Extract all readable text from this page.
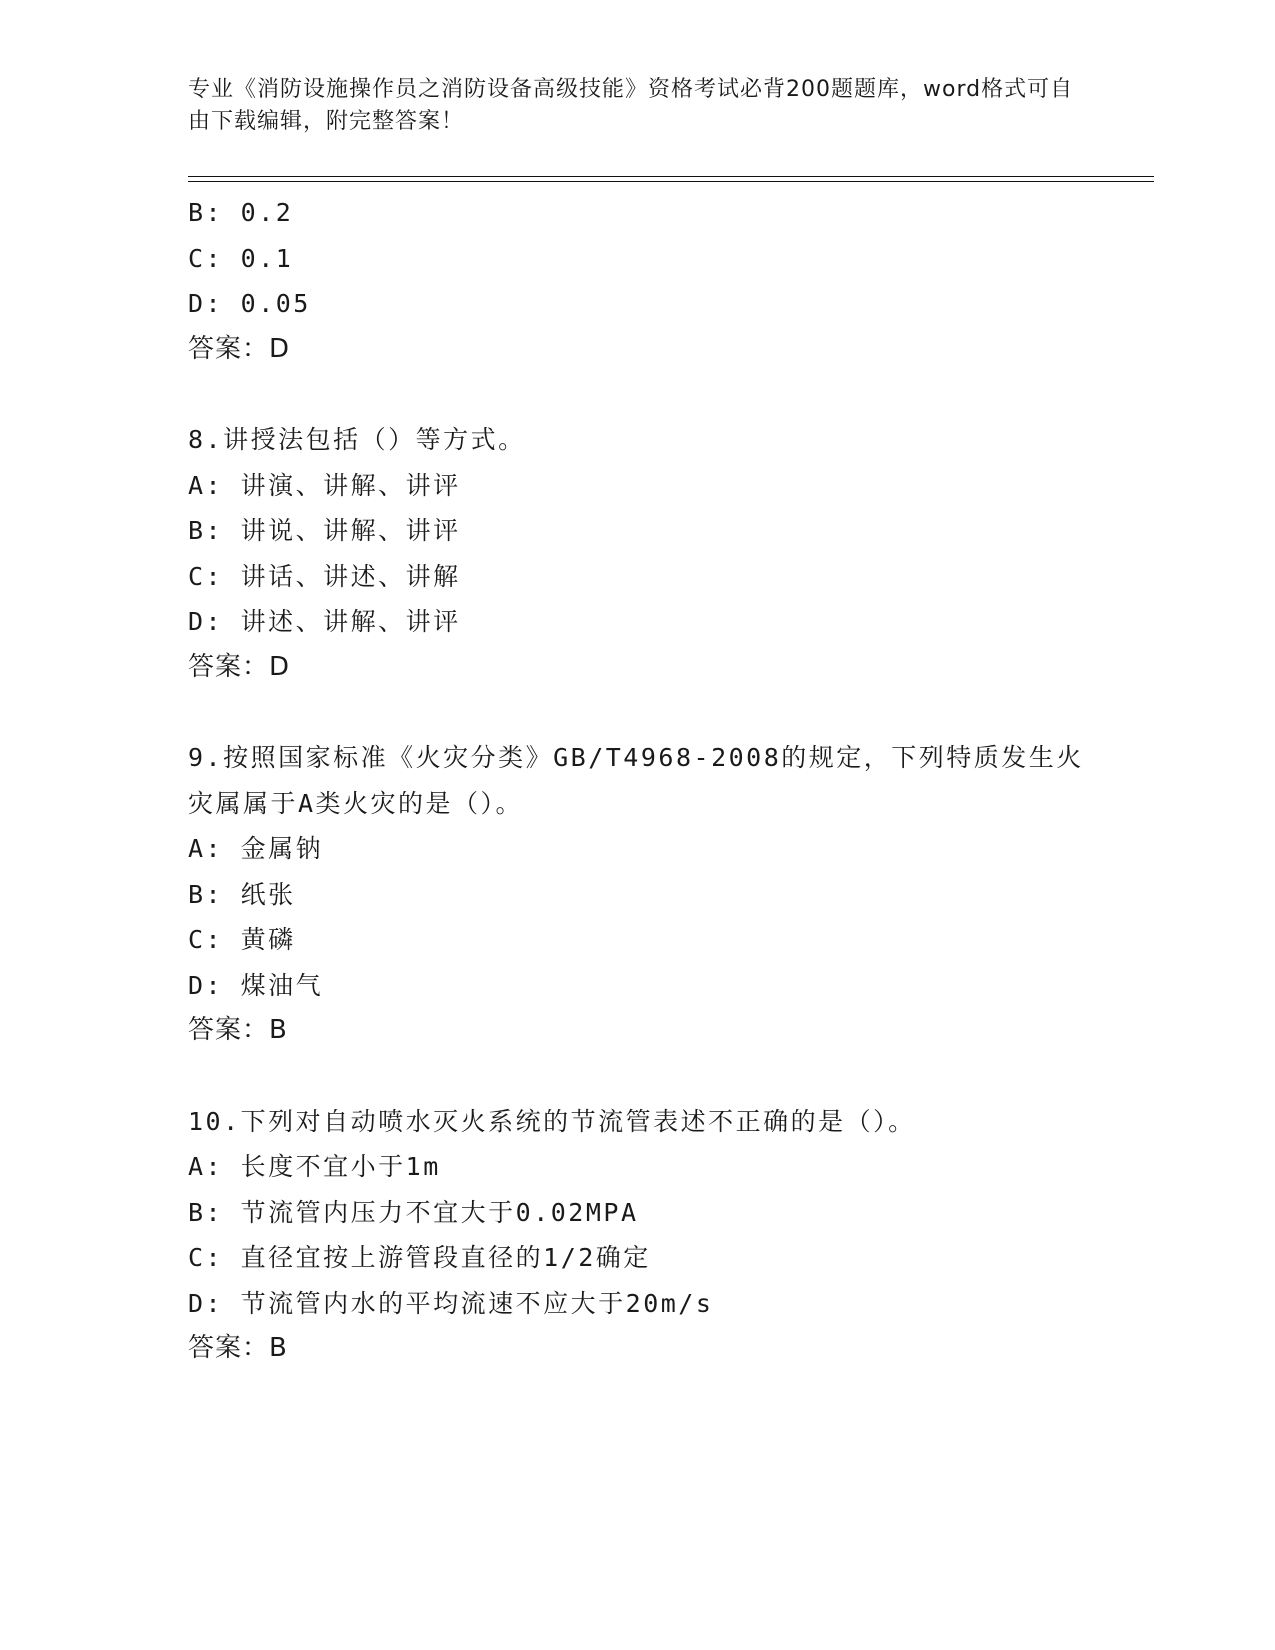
专业《消防设施操作员之消防设备高级技能》资格考试必背200题题库，word格式可自由下载编辑，附完整答案！

B: 0.2
C: 0.1
D: 0.05
答案：D
8.讲授法包括（）等方式。
A: 讲演、讲解、讲评
B: 讲说、讲解、讲评
C: 讲话、讲述、讲解
D: 讲述、讲解、讲评
答案：D
9.按照国家标准《火灾分类》GB/T4968-2008的规定，下列特质发生火
灾属属于A类火灾的是（）。
A: 金属钠
B: 纸张
C: 黄磷
D: 煤油气
答案：B
10.下列对自动喷水灭火系统的节流管表述不正确的是（）。
A: 长度不宜小于1m
B: 节流管内压力不宜大于0.02MPA
C: 直径宜按上游管段直径的1/2确定
D: 节流管内水的平均流速不应大于20m/s
答案：B
